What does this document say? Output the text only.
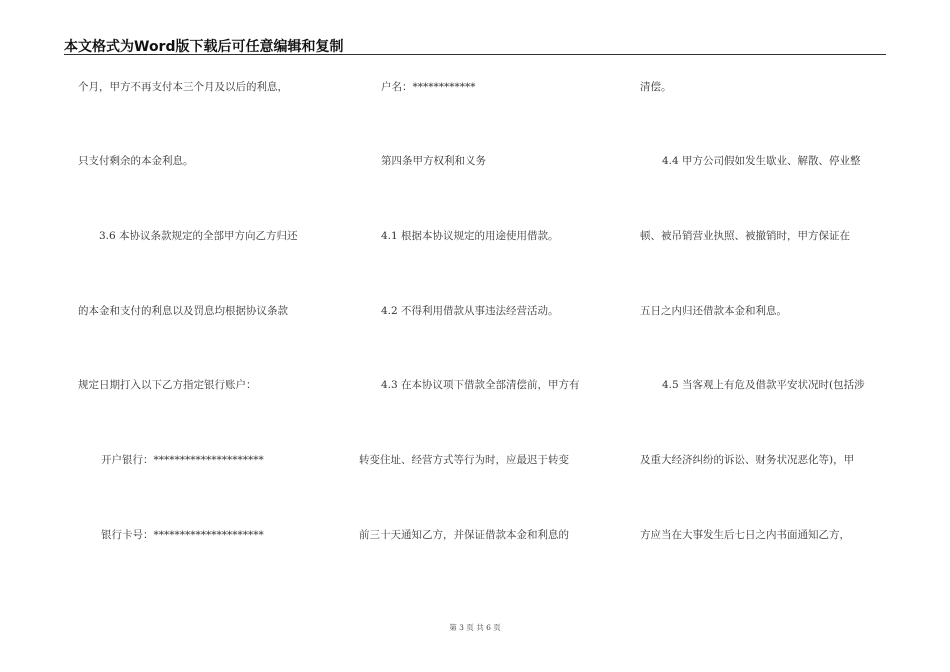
本文格式为Word版下载后可任意编辑和复制
个月，甲方不再支付本三个月及以后的利息，
只支付剩余的本金利息。
3.6 本协议条款规定的全部甲方向乙方归还
的本金和支付的利息以及罚息均根据协议条款
规定日期打入以下乙方指定银行账户：
开户银行：*********************
银行卡号：*********************
户名：************
第四条甲方权利和义务
4.1 根据本协议规定的用途使用借款。
4.2 不得利用借款从事违法经营活动。
4.3 在本协议项下借款全部清偿前，甲方有
转变住址、经营方式等行为时，应最迟于转变
前三十天通知乙方，并保证借款本金和利息的
清偿。
4.4 甲方公司假如发生歇业、解散、停业整
顿、被吊销营业执照、被撤销时，甲方保证在
五日之内归还借款本金和利息。
4.5 当客观上有危及借款平安状况时(包括涉
及重大经济纠纷的诉讼、财务状况恶化等)，甲
方应当在大事发生后七日之内书面通知乙方，
第 3 页 共 6 页
